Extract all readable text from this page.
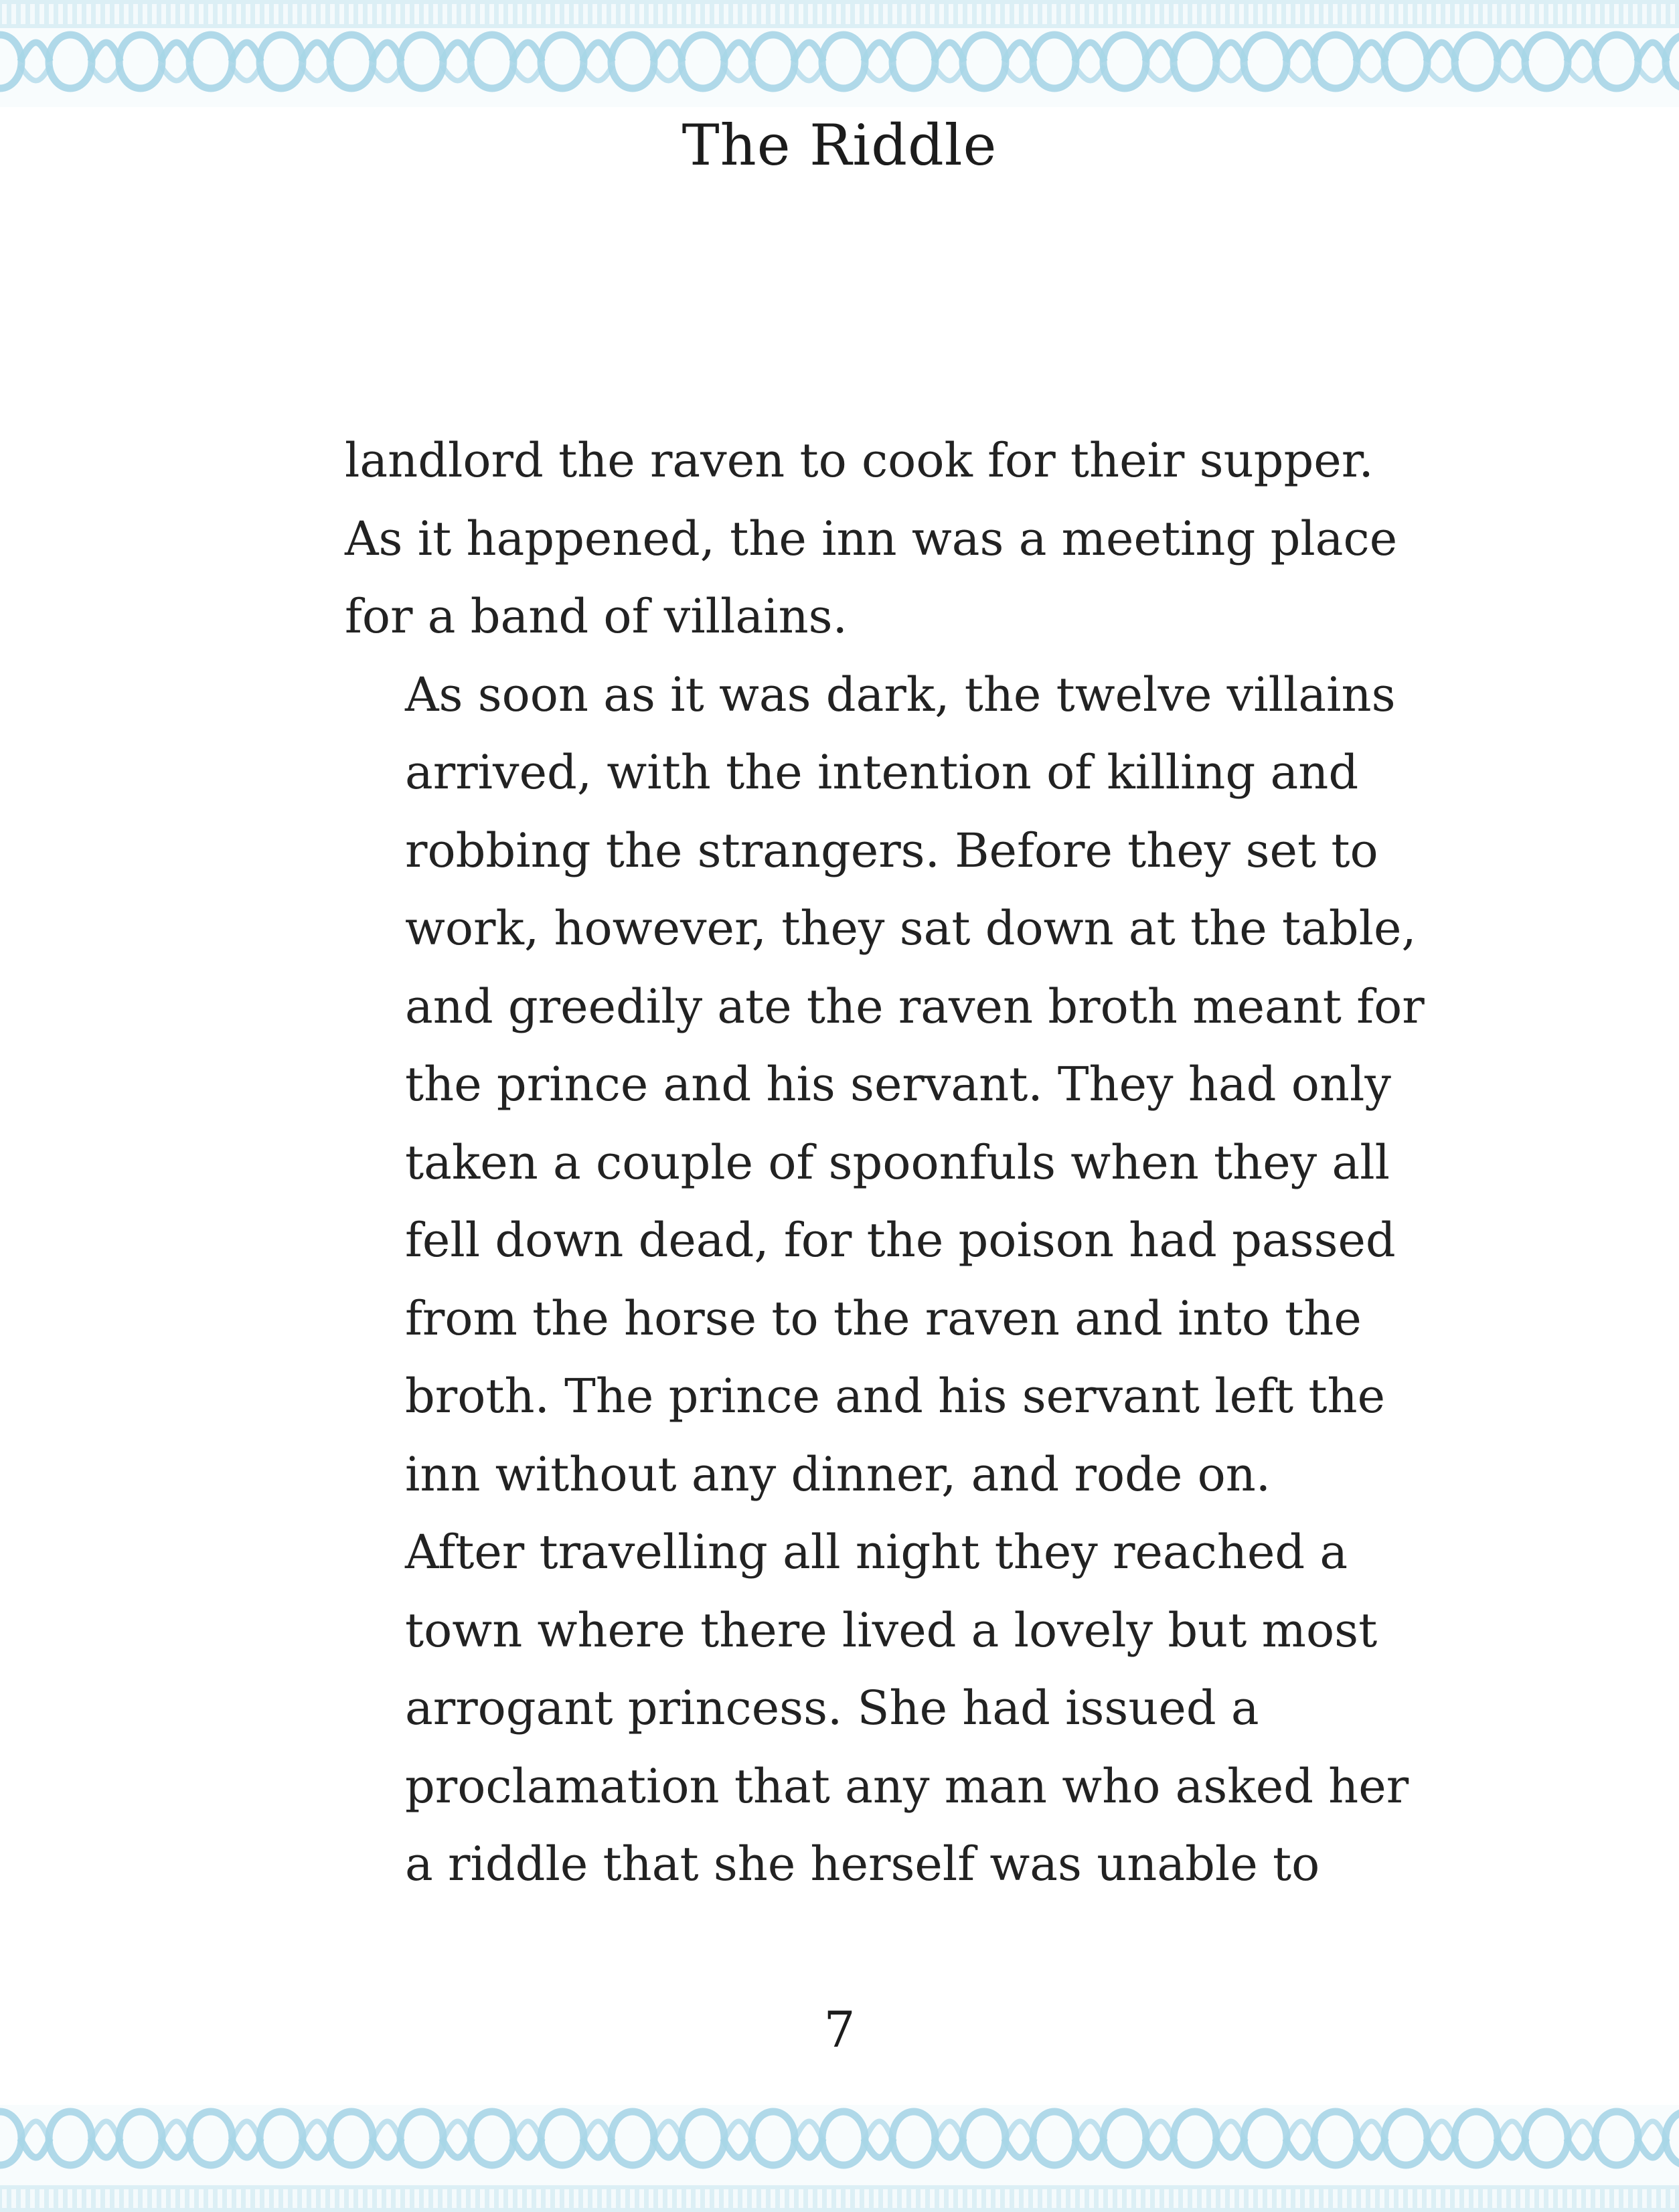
The Riddle

landlord the raven to cook for their supper.
As it happened, the inn was a meeting place
for a band of villains.

As soon as it was dark, the twelve villains
arrived, with the intention of killing and
robbing the strangers. Before they set to
work, however, they sat down at the table,
and greedily ate the raven broth meant for
the prince and his servant. They had only
taken a couple of spoonfuls when they all
fell down dead, for the poison had passed
from the horse to the raven and into the
broth. The prince and his servant left the
inn without any dinner, and rode on.

After travelling all night they reached a
town where there lived a lovely but most
arrogant princess. She had issued a
proclamation that any man who asked her
a riddle that she herself was unable to

7
